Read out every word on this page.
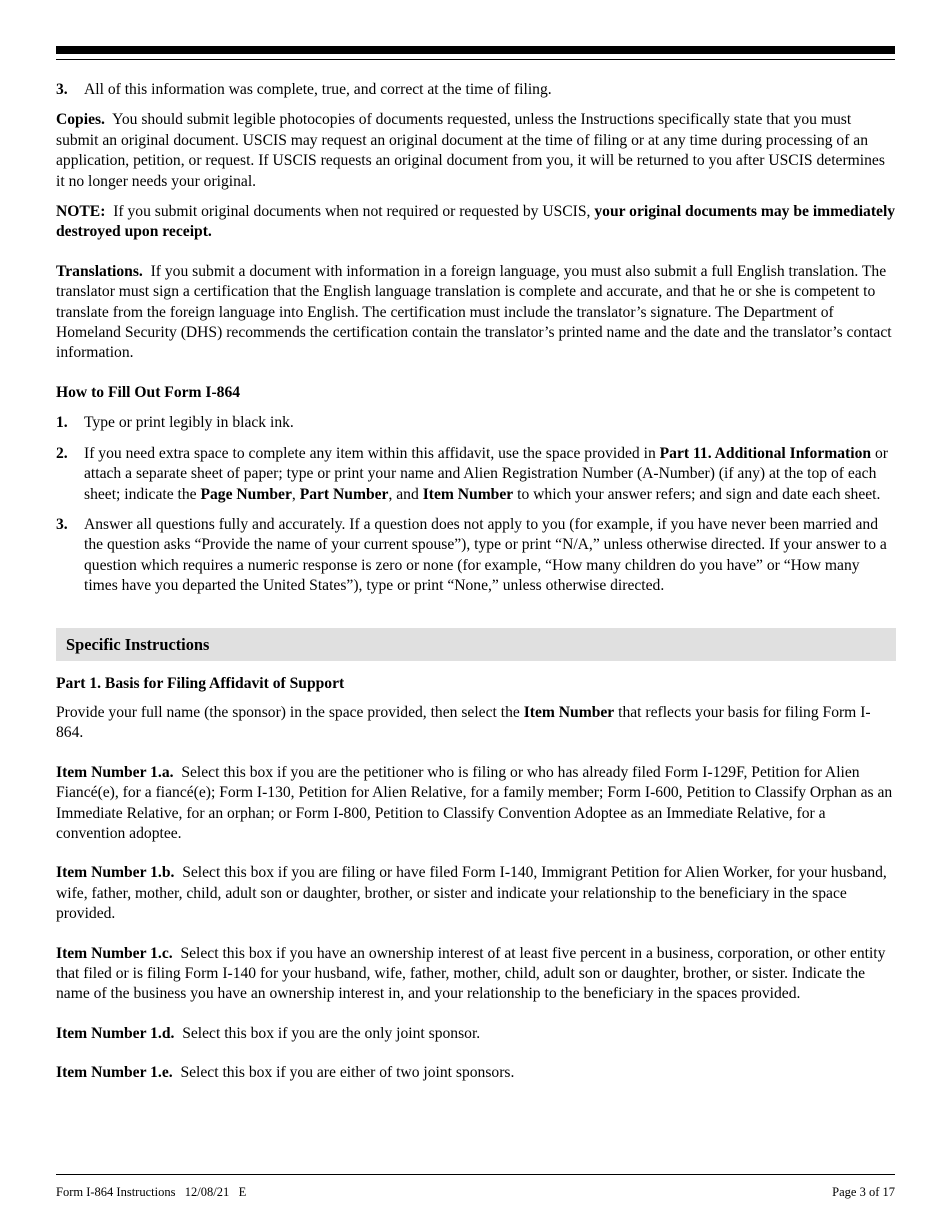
3.	All of this information was complete, true, and correct at the time of filing.

Copies. You should submit legible photocopies of documents requested, unless the Instructions specifically state that you must submit an original document. USCIS may request an original document at the time of filing or at any time during processing of an application, petition, or request. If USCIS requests an original document from you, it will be returned to you after USCIS determines it no longer needs your original.

NOTE: If you submit original documents when not required or requested by USCIS, your original documents may be immediately destroyed upon receipt.

Translations. If you submit a document with information in a foreign language, you must also submit a full English translation. The translator must sign a certification that the English language translation is complete and accurate, and that he or she is competent to translate from the foreign language into English. The certification must include the translator’s signature. The Department of Homeland Security (DHS) recommends the certification contain the translator’s printed name and the date and the translator’s contact information.

How to Fill Out Form I-864

1.	Type or print legibly in black ink.
2.	If you need extra space to complete any item within this affidavit, use the space provided in Part 11. Additional Information or attach a separate sheet of paper; type or print your name and Alien Registration Number (A-Number) (if any) at the top of each sheet; indicate the Page Number, Part Number, and Item Number to which your answer refers; and sign and date each sheet.
3.	Answer all questions fully and accurately. If a question does not apply to you (for example, if you have never been married and the question asks “Provide the name of your current spouse”), type or print “N/A,” unless otherwise directed. If your answer to a question which requires a numeric response is zero or none (for example, “How many children do you have” or “How many times have you departed the United States”), type or print “None,” unless otherwise directed.
Specific Instructions

Part 1. Basis for Filing Affidavit of Support

Provide your full name (the sponsor) in the space provided, then select the Item Number that reflects your basis for filing Form I-864.

Item Number 1.a. Select this box if you are the petitioner who is filing or who has already filed Form I-129F, Petition for Alien Fiancé(e), for a fiancé(e); Form I-130, Petition for Alien Relative, for a family member; Form I-600, Petition to Classify Orphan as an Immediate Relative, for an orphan; or Form I-800, Petition to Classify Convention Adoptee as an Immediate Relative, for a convention adoptee.

Item Number 1.b. Select this box if you are filing or have filed Form I-140, Immigrant Petition for Alien Worker, for your husband, wife, father, mother, child, adult son or daughter, brother, or sister and indicate your relationship to the beneficiary in the space provided.

Item Number 1.c. Select this box if you have an ownership interest of at least five percent in a business, corporation, or other entity that filed or is filing Form I-140 for your husband, wife, father, mother, child, adult son or daughter, brother, or sister. Indicate the name of the business you have an ownership interest in, and your relationship to the beneficiary in the spaces provided.

Item Number 1.d. Select this box if you are the only joint sponsor.

Item Number 1.e. Select this box if you are either of two joint sponsors.

Form I-864 Instructions   12/08/21   E	Page 3 of 17
